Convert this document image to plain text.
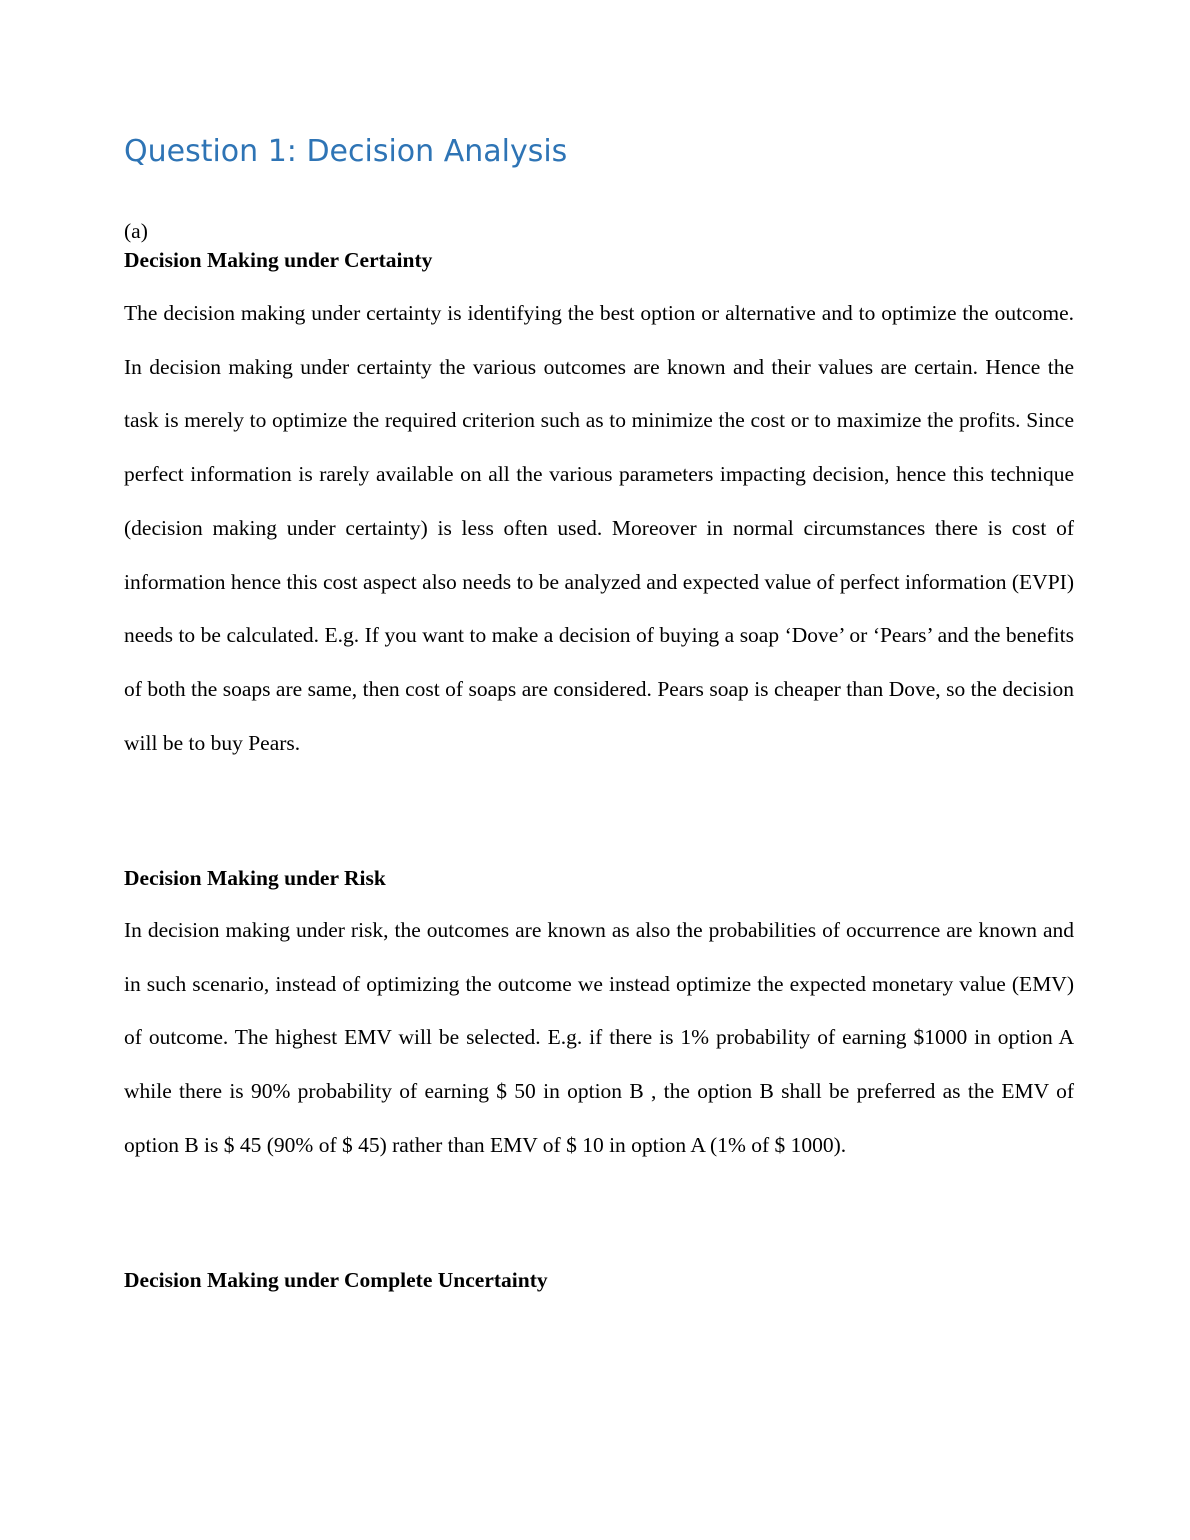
Question 1: Decision Analysis
(a)
Decision Making under Certainty

The decision making under certainty is identifying the best option or alternative and to optimize the outcome. In decision making under certainty the various outcomes are known and their values are certain. Hence the task is merely to optimize the required criterion such as to minimize the cost or to maximize the profits. Since perfect information is rarely available on all the various parameters impacting decision, hence this technique (decision making under certainty) is less often used. Moreover in normal circumstances there is cost of information hence this cost aspect also needs to be analyzed and expected value of perfect information (EVPI) needs to be calculated. E.g. If you want to make a decision of buying a soap ‘Dove’ or ‘Pears’ and the benefits of both the soaps are same, then cost of soaps are considered. Pears soap is cheaper than Dove, so the decision will be to buy Pears.

Decision Making under Risk

In decision making under risk, the outcomes are known as also the probabilities of occurrence are known and in such scenario, instead of optimizing the outcome we instead optimize the expected monetary value (EMV) of outcome. The highest EMV will be selected. E.g. if there is 1% probability of earning $1000 in option A while there is 90% probability of earning $ 50 in option B , the option B shall be preferred as the EMV of option B is $ 45 (90% of $ 45) rather than EMV of $ 10 in option A (1% of $ 1000).

Decision Making under Complete Uncertainty
